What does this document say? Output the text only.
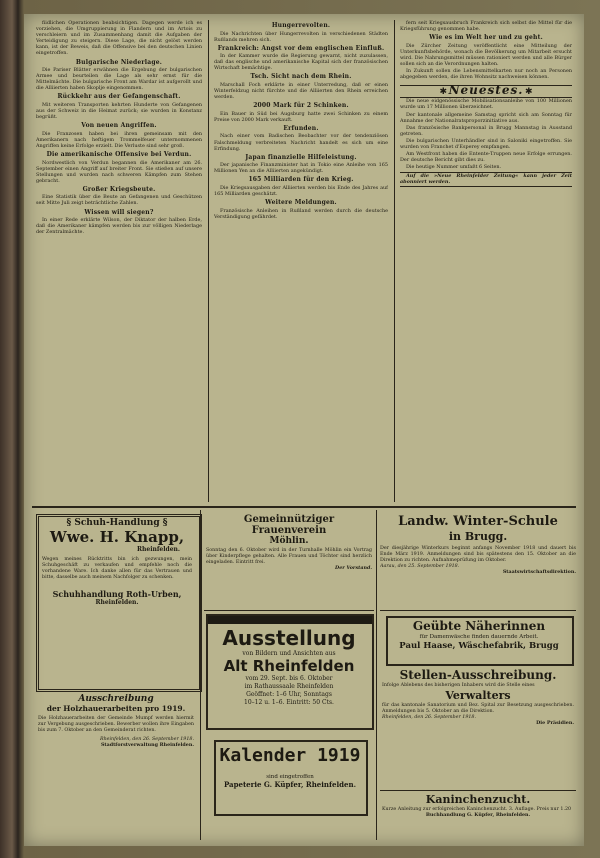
fiidlichen Operationen beabsichtigen. Dagegen werde ich es vorziehen, die Umgruppierung in Flandern und im Artois zu verschleiern und im Zusammenhang damit die Aufgaben der Verteidigung zu steigern. Diese Lage, die nicht gelöst werden kann, ist der Beweis, daß die Offensive bei den deutschen Linien eingetroffen.

Bulgarische Niederlage.

Die Pariser Blätter erwähnen die Ergebung der bulgarischen Armee und beurteilen die Lage als sehr ernst für die Mittelmächte. Die bulgarische Front am Wardar ist aufgerollt und die Alliierten haben Skoplje eingenommen.

Rückkehr aus der Gefangenschaft.

Mit weiteren Transporten kehrten Hunderte von Gefangenen aus der Schweiz in die Heimat zurück; sie wurden in Konstanz begrüßt.

Von neuen Angriffen.

Die Franzosen haben bei ihren gemeinsam mit den Amerikanern nach heftigem Trommelfeuer unternommenen Angriffen keine Erfolge erzielt. Die Verluste sind sehr groß.

Die amerikanische Offensive bei Verdun.

Nordwestlich von Verdun begannen die Amerikaner am 26. September einen Angriff auf breiter Front. Sie stießen auf unsere Stellungen und wurden nach schweren Kämpfen zum Stehen gebracht.

Großer Kriegsbeute.

Eine Statistik über die Beute an Gefangenen und Geschützen seit Mitte Juli zeigt beträchtliche Zahlen.

Wissen will siegen?

In einer Rede erklärte Wilson, der Diktator der halben Erde, daß die Amerikaner kämpfen werden bis zur völligen Niederlage der Zentralmächte.

Hungerrevolten.

Die Nachrichten über Hungerrevolten in verschiedenen Städten Rußlands mehren sich.

Frankreich: Angst vor dem englischen Einfluß.

In der Kammer wurde die Regierung gewarnt, nicht zuzulassen, daß das englische und amerikanische Kapital sich der französischen Wirtschaft bemächtige.

Tsch. Sicht nach dem Rhein.

Marschall Foch erklärte in einer Unterredung, daß er einen Winterfeldzug nicht fürchte und die Alliierten den Rhein erreichen werden.

2000 Mark für 2 Schinken.

Ein Bauer in Süd bei Augsburg hatte zwei Schinken zu einem Preise von 2000 Mark verkauft.

Erfunden.

Nach einer vom Badischen Beobachter vor der tendenziösen Falschmeldung verbreiteten Nachricht handelt es sich um eine Erfindung.

Japan finanzielle Hilfeleistung.

Der japanische Finanzminister hat in Tokio eine Anleihe von 165 Millionen Yen an die Alliierten angekündigt.

165 Milliarden für den Krieg.

Die Kriegsausgaben der Alliierten werden bis Ende des Jahres auf 165 Milliarden geschätzt.

Weitere Meldungen.

Französische Anleihen in Rußland werden durch die deutsche Verständigung gefährdet.

fern seit Kriegsausbruch Frankreich sich selbst die Mittel für die Kriegsführung genommen habe.

Wie es im Welt her und zu geht.

Die Zürcher Zeitung veröffentlicht eine Mitteilung der Unterkunftsbehörde, wonach die Bevölkerung um Mitarbeit ersucht wird. Die Nahrungsmittel müssen rationiert werden und alle Bürger sollen sich an die Verordnungen halten.

In Zukunft sollen die Lebensmittelkarten nur noch an Personen abgegeben werden, die ihren Wohnsitz nachweisen können.

✱ Neuestes. ✱

Die neue eidgenössische Mobilisationsanleihe von 100 Millionen wurde um 17 Millionen überzeichnet.

Der kantonale allgemeine Samstag spricht sich am Sonntag für Annahme der Nationalratsproporzinitiative aus.

Das französische Bankpersonal in Brugg Mannstag in Ausstand getreten.

Die bulgarischen Unterhändler sind in Saloniki eingetroffen. Sie wurden von Franchet d'Esperey empfangen.

Am Westfront haben die Entente-Truppen neue Erfolge errungen. Der deutsche Bericht gibt dies zu.

Die heutige Nummer umfaßt 6 Seiten.

Auf die »Neue Rheinfelder Zeitung« kann jeder Zeit abonniert werden.

§ Schuh-Handlung §

Wwe. H. Knapp,

Rheinfelden.

Wegen meines Rücktritts bin ich gezwungen, mein Schuhgeschäft zu verkaufen und empfehle noch die vorhandene Ware. Ich danke allen für das Vertrauen und bitte, dasselbe auch meinem Nachfolger zu schenken.

Schuhhandlung Roth-Urben,

Rheinfelden.

Ausschreibung

der Holzhauerarbeiten pro 1919.

Die Holzhauerarbeiten der Gemeinde Mumpf werden hiermit zur Vergebung ausgeschrieben. Bewerber wollen ihre Eingaben bis zum 7. Oktober an den Gemeinderat richten.

Rheinfelden, den 26. September 1918.

Stadtforstverwaltung Rheinfelden.

Gemeinnütziger Frauenverein

Möhlin.

Sonntag den 6. Oktober wird in der Turnhalle Möhlin ein Vortrag über Kinderpflege gehalten. Alle Frauen und Töchter sind herzlich eingeladen. Eintritt frei.

Der Vorstand.

Ausstellung

von Bildern und Ansichten aus

Alt Rheinfelden

vom 29. Sept. bis 6. Oktober

im Rathaussaale Rheinfelden

Geöffnet: 1–6 Uhr, Sonntags

10–12 u. 1–6. Eintritt: 50 Cts.

Kalender 1919

sind eingetroffen

Papeterie G. Küpfer, Rheinfelden.

Landw. Winter-Schule

in Brugg.

Der diesjährige Winterkurs beginnt anfangs November 1918 und dauert bis Ende März 1919. Anmeldungen sind bis spätestens den 15. Oktober an die Direktion zu richten. Aufnahmeprüfung im Oktober.

Aarau, den 25. September 1918.

Staatswirtschaftsdirektion.

Geübte Näherinnen

für Damenwäsche finden dauernde Arbeit.

Paul Haase, Wäschefabrik, Brugg

Stellen-Ausschreibung.

Infolge Ablebens des bisherigen Inhabers wird die Stelle eines

Verwalters

für das kantonale Sanatorium und Bez. Spital zur Besetzung ausgeschrieben. Anmeldungen bis 5. Oktober an die Direktion.

Rheinfelden, den 26. September 1918.

Die Präsidien.

Kaninchenzucht.

Kurze Anleitung zur erfolgreichen Kaninchenzucht. 3. Auflage. Preis nur 1.20

Buchhandlung G. Küpfer, Rheinfelden.
